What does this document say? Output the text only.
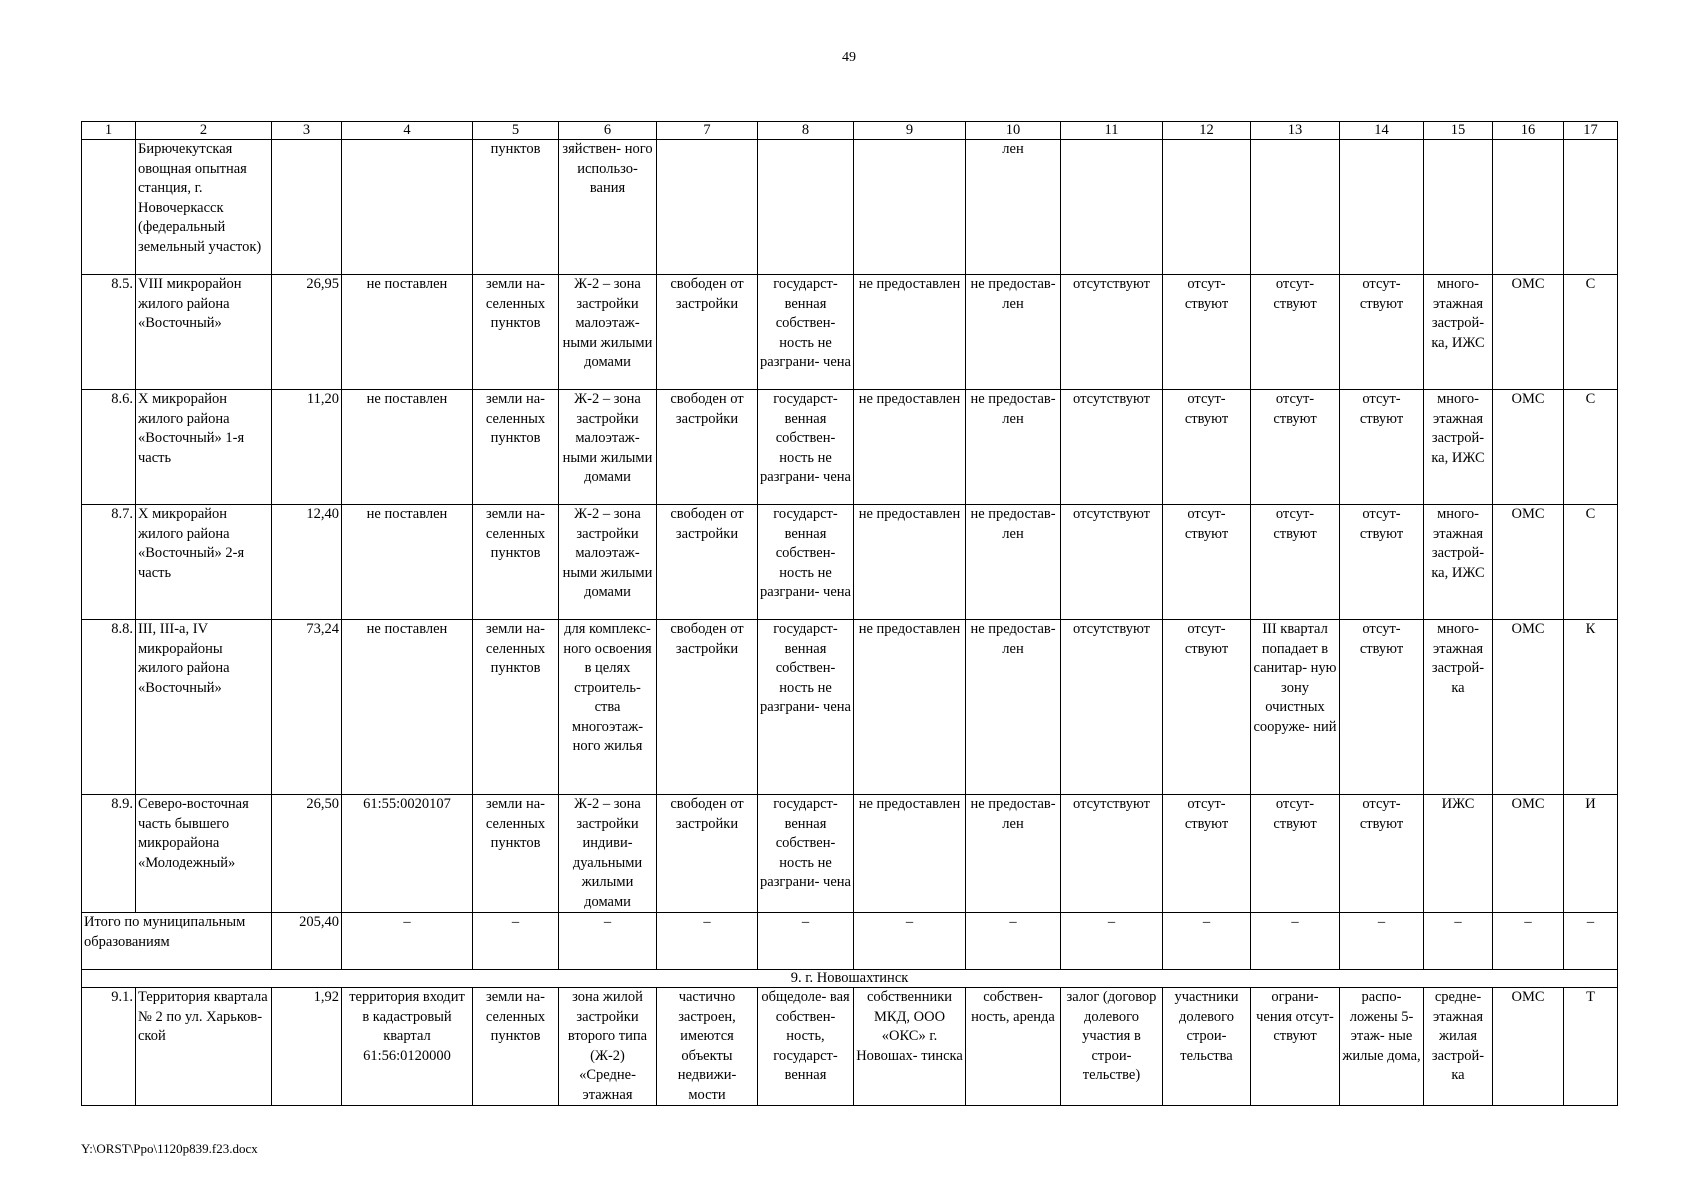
49
1	2	3	4	5	6	7	8	9	10	11	12	13	14	15	16	17
	Бирючекутская овощная опытная станция, г. Новочеркасск (федеральный земельный участок)			пунктов	зяйствен- ного использо- вания				лен							
8.5.	VIII микрорайон жилого района «Восточный»	26,95	не поставлен	земли на- селенных пунктов	Ж-2 – зона застройки малоэтаж- ными жилыми домами	свободен от застройки	государст- венная собствен- ность не разграни- чена	не предоставлен	не предостав- лен	отсутствуют	отсут- ствуют	отсут- ствуют	отсут- ствуют	много- этажная застрой- ка, ИЖС	ОМС	С
8.6.	Х микрорайон жилого района «Восточный» 1-я часть	11,20	не поставлен	земли на- селенных пунктов	Ж-2 – зона застройки малоэтаж- ными жилыми домами	свободен от застройки	государст- венная собствен- ность не разграни- чена	не предоставлен	не предостав- лен	отсутствуют	отсут- ствуют	отсут- ствуют	отсут- ствуют	много- этажная застрой- ка, ИЖС	ОМС	С
8.7.	Х микрорайон жилого района «Восточный» 2-я часть	12,40	не поставлен	земли на- селенных пунктов	Ж-2 – зона застройки малоэтаж- ными жилыми домами	свободен от застройки	государст- венная собствен- ность не разграни- чена	не предоставлен	не предостав- лен	отсутствуют	отсут- ствуют	отсут- ствуют	отсут- ствуют	много- этажная застрой- ка, ИЖС	ОМС	С
8.8.	III, III-а, IV микрорайоны жилого района «Восточный»	73,24	не поставлен	земли на- селенных пунктов	для комплекс- ного освоения в целях строитель- ства многоэтаж- ного жилья	свободен от застройки	государст- венная собствен- ность не разграни- чена	не предоставлен	не предостав- лен	отсутствуют	отсут- ствуют	III квартал попадает в санитар- ную зону очистных сооруже- ний	отсут- ствуют	много- этажная застрой- ка	ОМС	К
8.9.	Северо-восточная часть бывшего микрорайона «Молодежный»	26,50	61:55:0020107	земли на- селенных пунктов	Ж-2 – зона застройки индиви- дуальными жилыми домами	свободен от застройки	государст- венная собствен- ность не разграни- чена	не предоставлен	не предостав- лен	отсутствуют	отсут- ствуют	отсут- ствуют	отсут- ствуют	ИЖС	ОМС	И
Итого по муниципальным образованиям		205,40	–	–	–	–	–	–	–	–	–	–	–	–	–	–
9. г. Новошахтинск																
9.1.	Территория квартала № 2 по ул. Харьков- ской	1,92	территория входит в кадастровый квартал 61:56:0120000	земли на- селенных пунктов	зона жилой застройки второго типа (Ж-2) «Средне- этажная	частично застроен, имеются объекты недвижи- мости	общедоле- вая собствен- ность, государст- венная	собственники МКД, ООО «ОКС» г. Новошах- тинска	собствен- ность, аренда	залог (договор долевого участия в строи- тельстве)	участники долевого строи- тельства	ограни- чения отсут- ствуют	распо- ложены 5-этаж- ные жилые дома,	средне- этажная жилая застрой- ка	ОМС	Т
Y:\ORST\Ppo\1120p839.f23.docx
